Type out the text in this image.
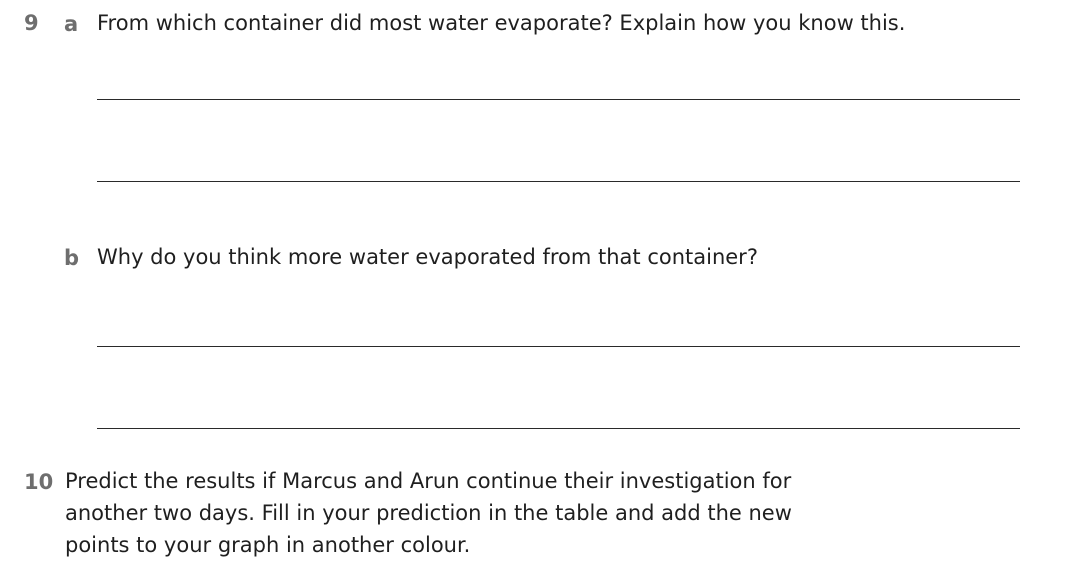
9 a From which container did most water evaporate? Explain how you know this.
b Why do you think more water evaporated from that container?
10 Predict the results if Marcus and Arun continue their investigation for
another two days. Fill in your prediction in the table and add the new
points to your graph in another colour.
